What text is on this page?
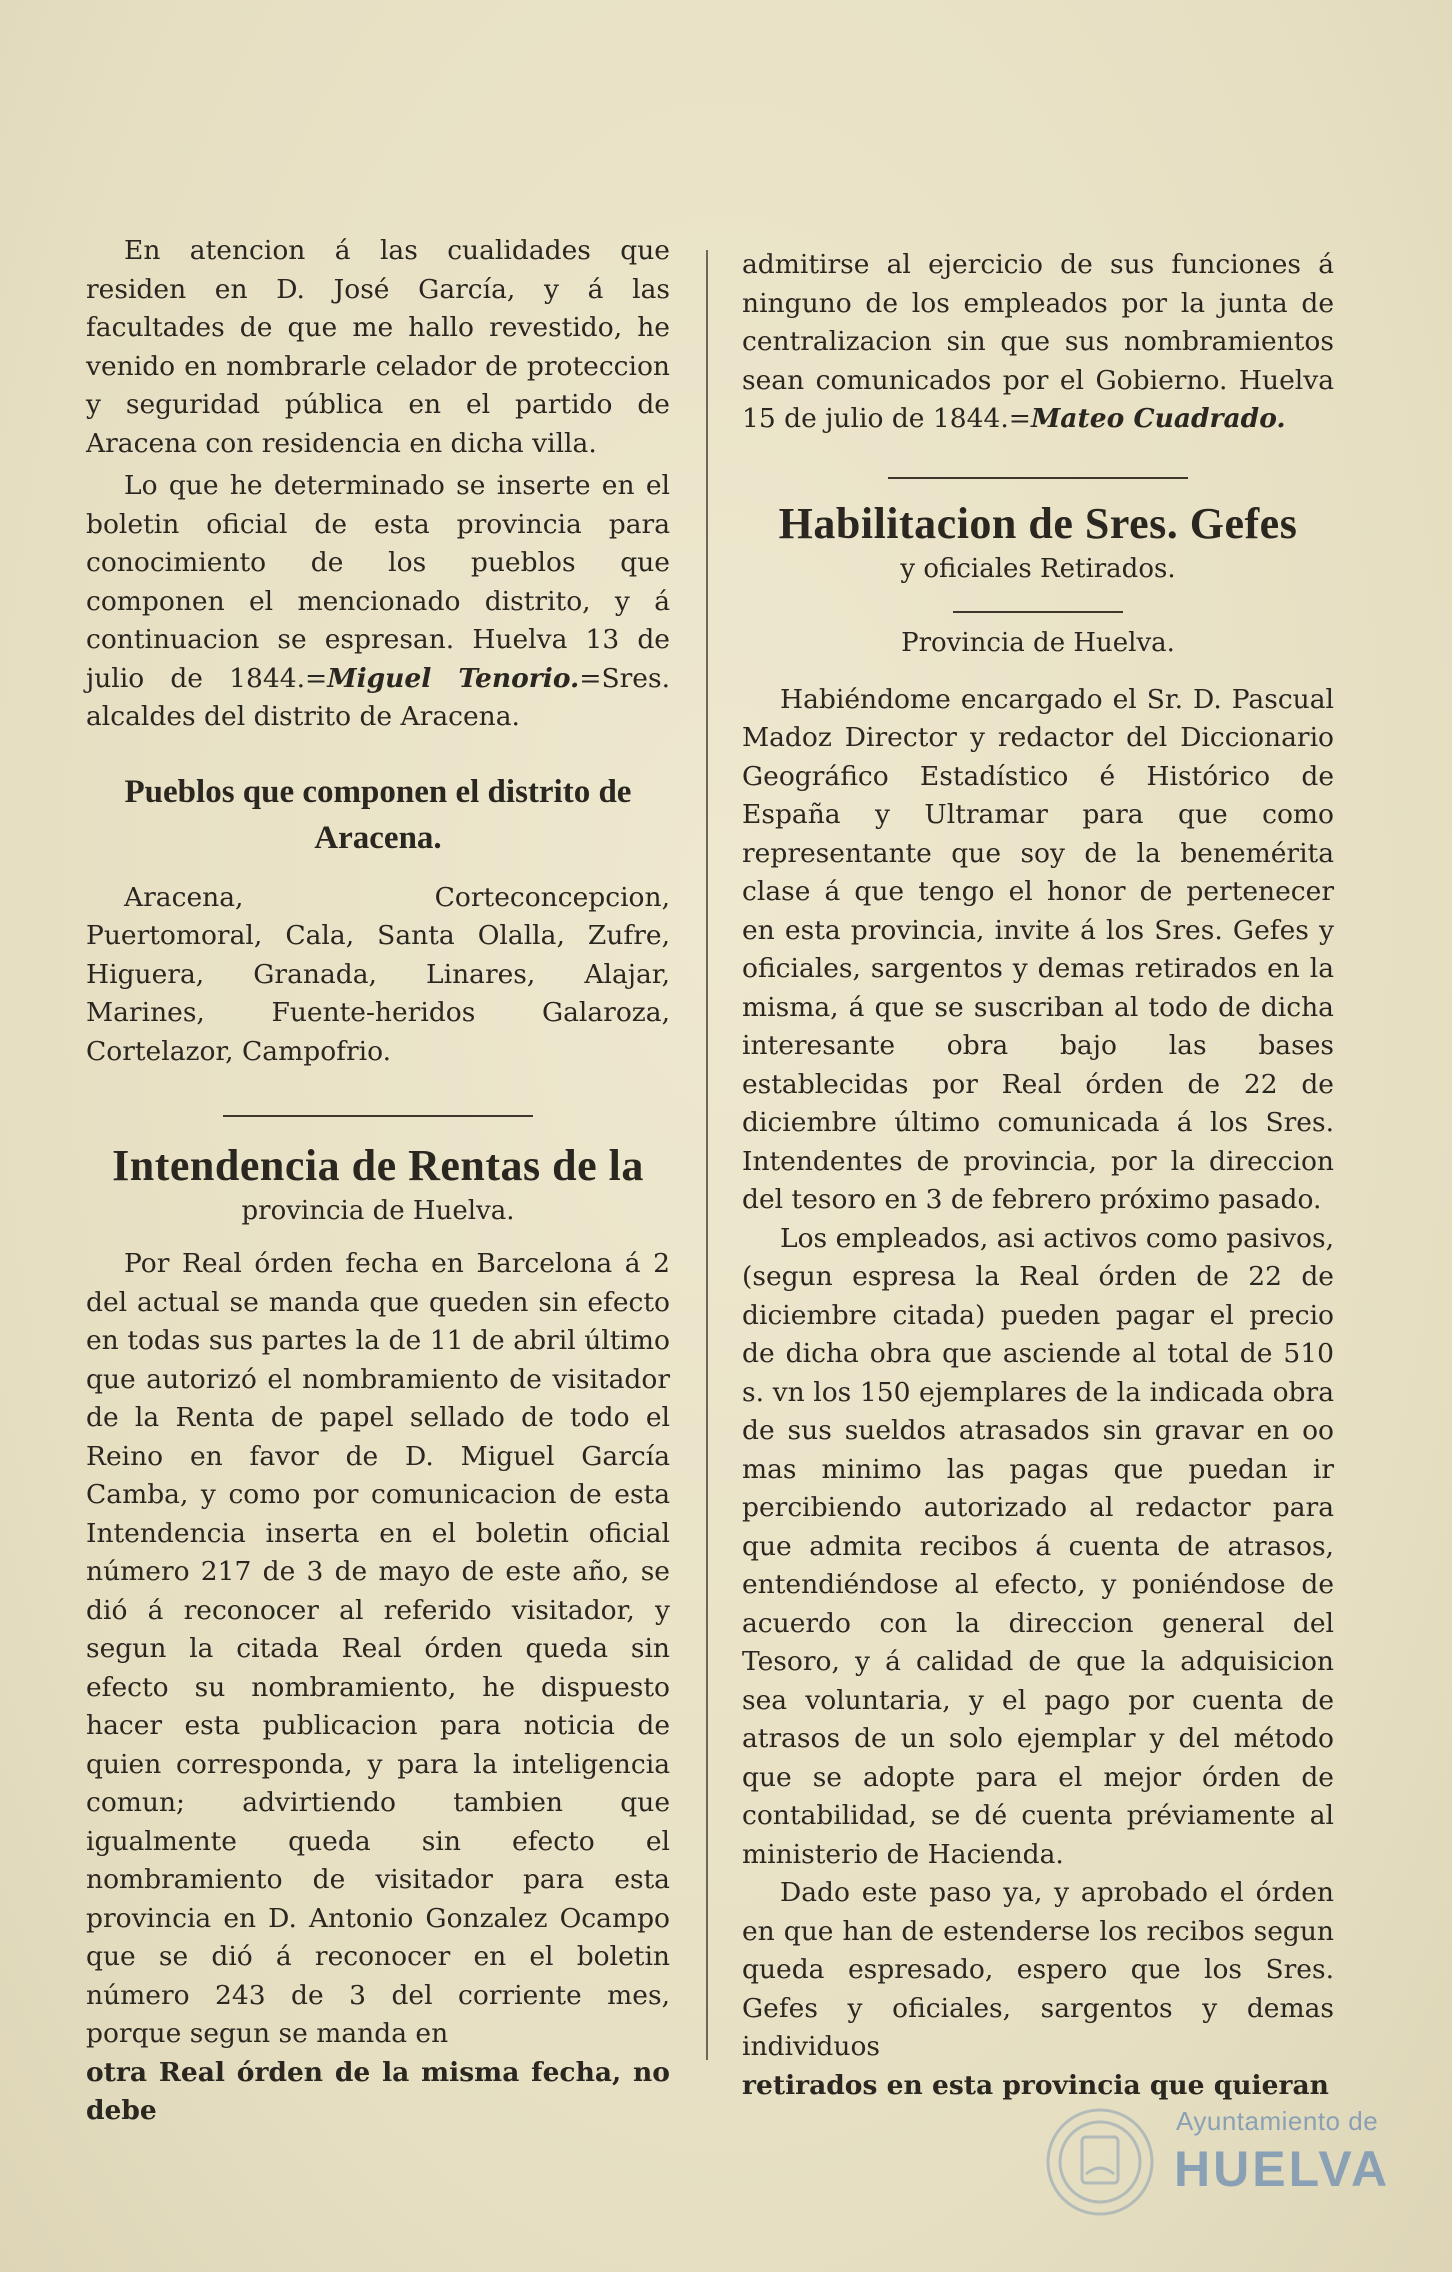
En atencion á las cualidades que residen en D. José García, y á las facultades de que me hallo revestido, he venido en nombrarle celador de proteccion y seguridad pública en el partido de Aracena con residencia en dicha villa.

Lo que he determinado se inserte en el boletin oficial de esta provincia para conocimiento de los pueblos que componen el mencionado distrito, y á continuacion se espresan. Huelva 13 de julio de 1844.=Miguel Tenorio.=Sres. alcaldes del distrito de Aracena.

Pueblos que componen el distrito de Aracena.

Aracena, Corteconcepcion, Puertomoral, Cala, Santa Olalla, Zufre, Higuera, Granada, Linares, Alajar, Marines, Fuente-heridos Galaroza, Cortelazor, Campofrio.

Intendencia de Rentas de la

provincia de Huelva.

Por Real órden fecha en Barcelona á 2 del actual se manda que queden sin efecto en todas sus partes la de 11 de abril último que autorizó el nombramiento de visitador de la Renta de papel sellado de todo el Reino en favor de D. Miguel García Camba, y como por comunicacion de esta Intendencia inserta en el boletin oficial número 217 de 3 de mayo de este año, se dió á reconocer al referido visitador, y segun la citada Real órden queda sin efecto su nombramiento, he dispuesto hacer esta publicacion para noticia de quien corresponda, y para la inteligencia comun; advirtiendo tambien que igualmente queda sin efecto el nombramiento de visitador para esta provincia en D. Antonio Gonzalez Ocampo que se dió á reconocer en el boletin número 243 de 3 del corriente mes, porque segun se manda en

otra Real órden de la misma fecha, no debe

admitirse al ejercicio de sus funciones á ninguno de los empleados por la junta de centralizacion sin que sus nombramientos sean comunicados por el Gobierno. Huelva 15 de julio de 1844.=Mateo Cuadrado.

Habilitacion de Sres. Gefes

y oficiales Retirados.

Provincia de Huelva.

Habiéndome encargado el Sr. D. Pascual Madoz Director y redactor del Diccionario Geográfico Estadístico é Histórico de España y Ultramar para que como representante que soy de la benemérita clase á que tengo el honor de pertenecer en esta provincia, invite á los Sres. Gefes y oficiales, sargentos y demas retirados en la misma, á que se suscriban al todo de dicha interesante obra bajo las bases establecidas por Real órden de 22 de diciembre último comunicada á los Sres. Intendentes de provincia, por la direccion del tesoro en 3 de febrero próximo pasado.

Los empleados, asi activos como pasivos, (segun espresa la Real órden de 22 de diciembre citada) pueden pagar el precio de dicha obra que asciende al total de 510 s. vn los 150 ejemplares de la indicada obra de sus sueldos atrasados sin gravar en oo mas minimo las pagas que puedan ir percibiendo autorizado al redactor para que admita recibos á cuenta de atrasos, entendiéndose al efecto, y poniéndose de acuerdo con la direccion general del Tesoro, y á calidad de que la adquisicion sea voluntaria, y el pago por cuenta de atrasos de un solo ejemplar y del método que se adopte para el mejor órden de contabilidad, se dé cuenta préviamente al ministerio de Hacienda.

Dado este paso ya, y aprobado el órden en que han de estenderse los recibos segun queda espresado, espero que los Sres. Gefes y oficiales, sargentos y demas individuos

retirados en esta provincia que quieran

Ayuntamiento de
HUELVA
